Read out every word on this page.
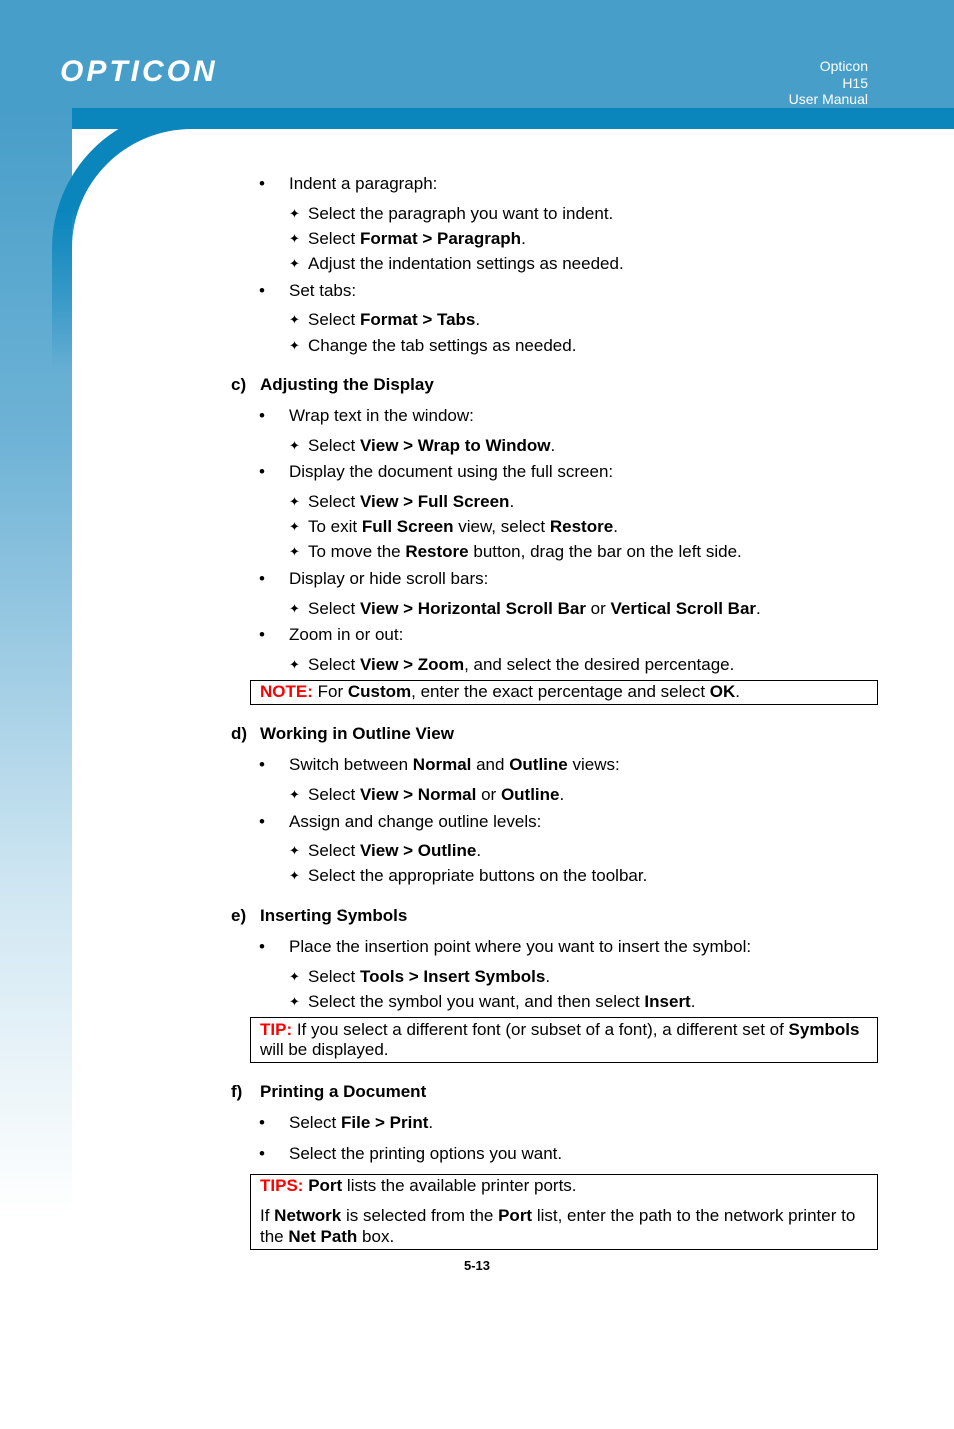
OPTICON	Opticon
H15
User Manual
• Indent a paragraph:
✦ Select the paragraph you want to indent.
✦ Select Format > Paragraph.
✦ Adjust the indentation settings as needed.
• Set tabs:
✦ Select Format > Tabs.
✦ Change the tab settings as needed.
c) Adjusting the Display
• Wrap text in the window:
✦ Select View > Wrap to Window.
• Display the document using the full screen:
✦ Select View > Full Screen.
✦ To exit Full Screen view, select Restore.
✦ To move the Restore button, drag the bar on the left side.
• Display or hide scroll bars:
✦ Select View > Horizontal Scroll Bar or Vertical Scroll Bar.
• Zoom in or out:
✦ Select View > Zoom, and select the desired percentage.
NOTE: For Custom, enter the exact percentage and select OK.
d) Working in Outline View
• Switch between Normal and Outline views:
✦ Select View > Normal or Outline.
• Assign and change outline levels:
✦ Select View > Outline.
✦ Select the appropriate buttons on the toolbar.
e) Inserting Symbols
• Place the insertion point where you want to insert the symbol:
✦ Select Tools > Insert Symbols.
✦ Select the symbol you want, and then select Insert.
TIP: If you select a different font (or subset of a font), a different set of Symbols
will be displayed.
f) Printing a Document
• Select File > Print.
• Select the printing options you want.
TIPS: Port lists the available printer ports.
If Network is selected from the Port list, enter the path to the network printer to
the Net Path box.
5-13
